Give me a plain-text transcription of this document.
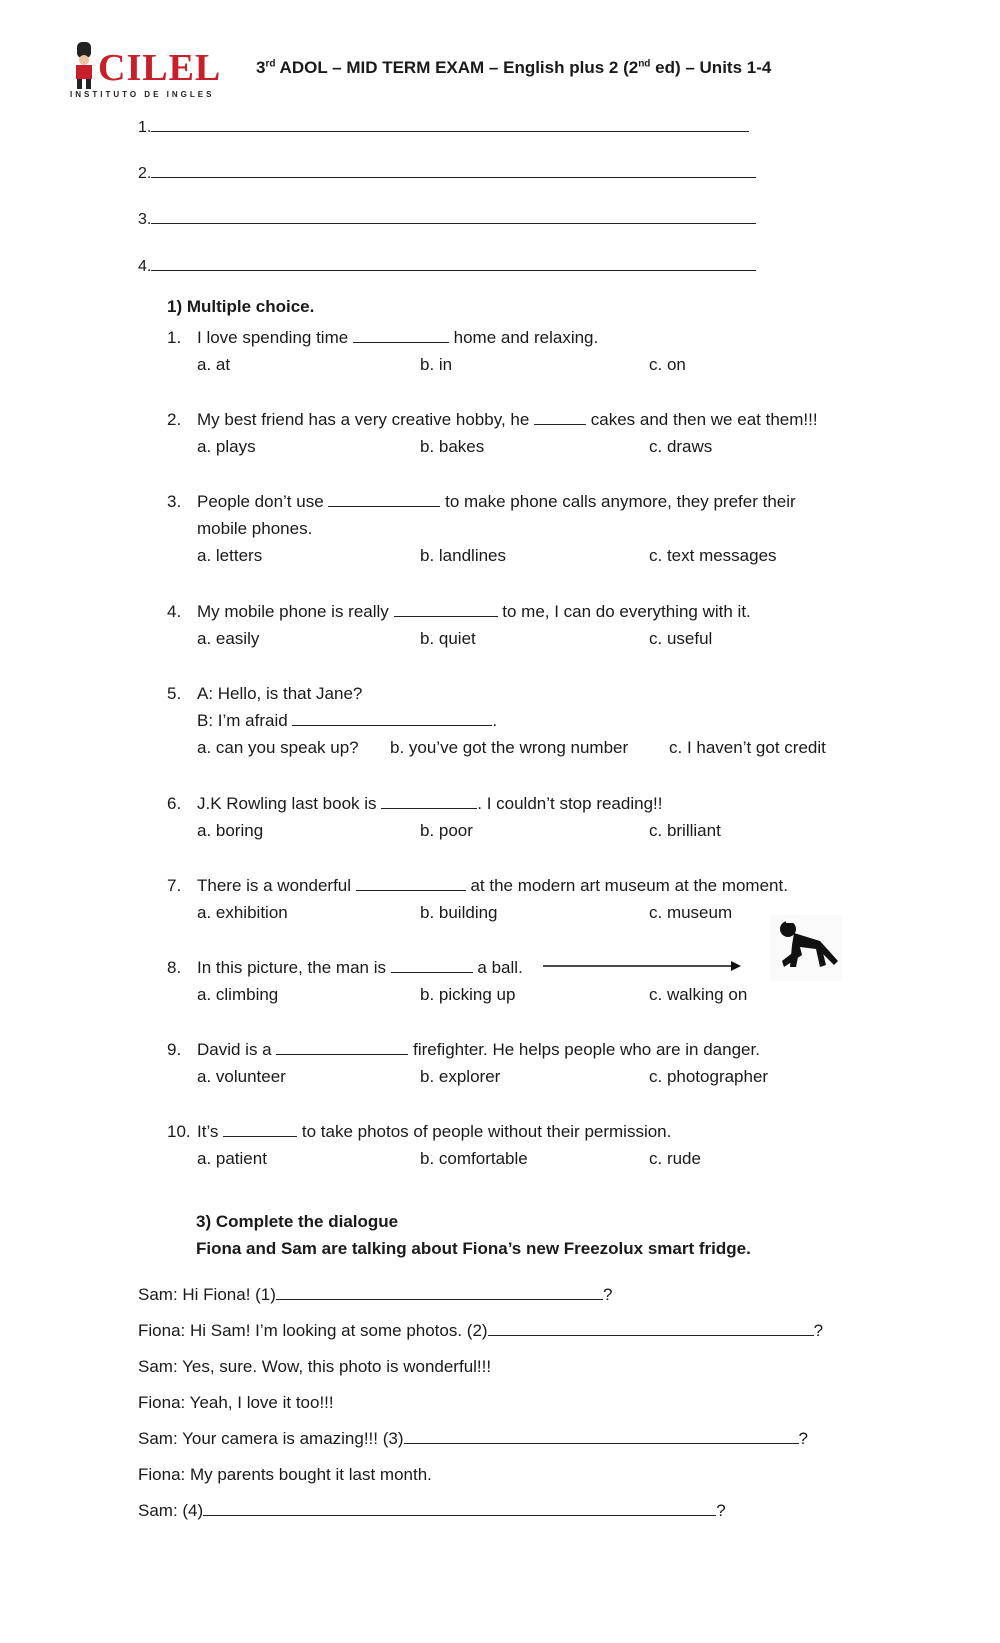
CILEL
INSTITUTO DE INGLES
3rd ADOL – MID TERM EXAM – English plus 2 (2nd ed) – Units 1-4
1.
2.
3.
4.
1) Multiple choice.
1. I love spending time	home and relaxing.
a. at	b. in	c. on
2. My best friend has a very creative hobby, he	cakes and then we eat them!!!
a. plays	b. bakes	c. draws
3. People don’t use	to make phone calls anymore, they prefer their
mobile phones.
a. letters	b. landlines	c. text messages
4. My mobile phone is really	to me, I can do everything with it.
a. easily	b. quiet	c. useful
5. A: Hello, is that Jane?
B: I’m afraid	.
a. can you speak up? b. you’ve got the wrong number c. I haven’t got credit
6. J.K Rowling last book is	. I couldn’t stop reading!!
a. boring	b. poor	c. brilliant
7. There is a wonderful	at the modern art museum at the moment.
a. exhibition	b. building	c. museum
8. In this picture, the man is	a ball.
a. climbing	b. picking up	c. walking on
9. David is a	firefighter. He helps people who are in danger.
a. volunteer	b. explorer	c. photographer
10. It’s	to take photos of people without their permission.
a. patient	b. comfortable	c. rude
3) Complete the dialogue
Fiona and Sam are talking about Fiona’s new Freezolux smart fridge.
Sam: Hi Fiona! (1)	?
Fiona: Hi Sam! I’m looking at some photos. (2)	?
Sam: Yes, sure. Wow, this photo is wonderful!!!
Fiona: Yeah, I love it too!!!
Sam: Your camera is amazing!!! (3)	?
Fiona: My parents bought it last month.
Sam: (4)	?
